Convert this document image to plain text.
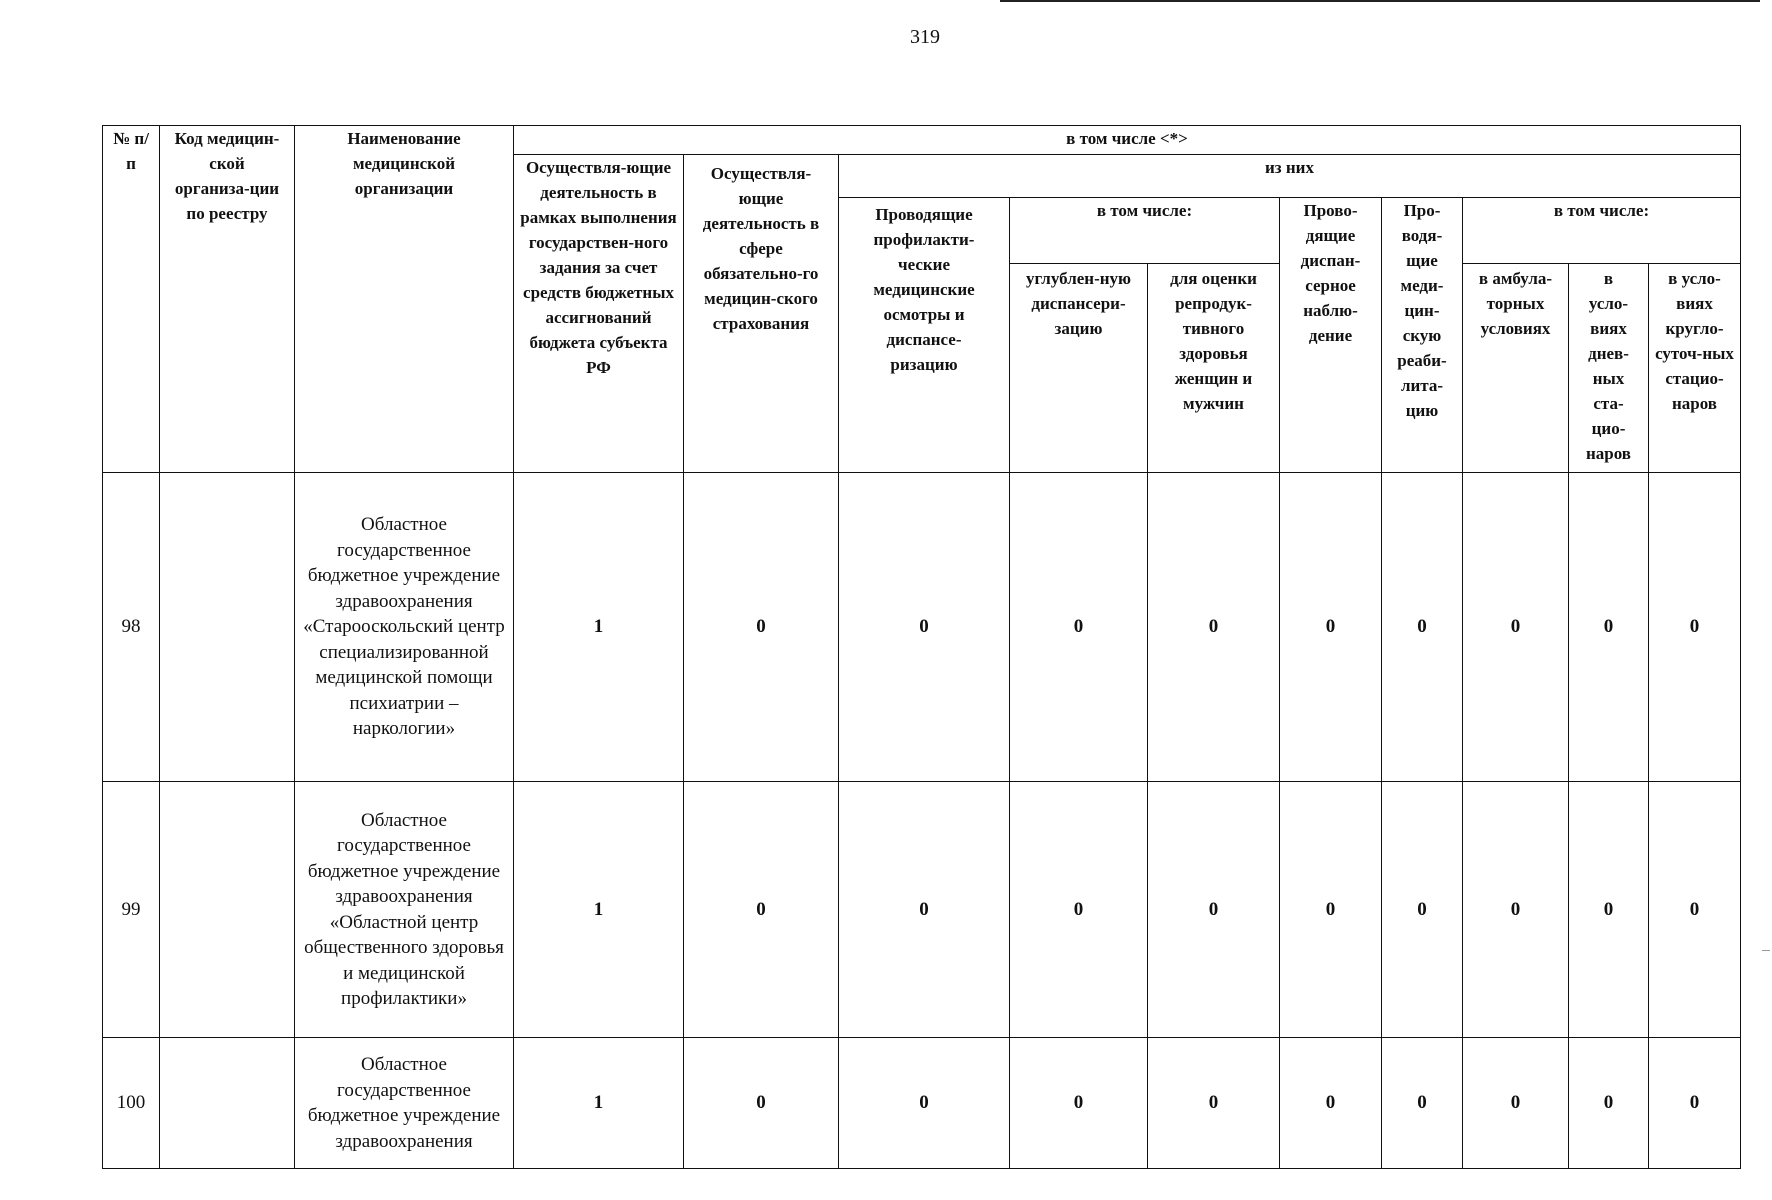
319
№ п/п	Код медицин-ской организа-ции по реестру	Наименование медицинской организации	в том числе <*>									
			Осуществля-ющие деятельность в рамках выполнения государствен-ного задания за счет средств бюджетных ассигнований бюджета субъекта РФ	Осуществля-ющие деятельность в сфере обязательно-го медицин-ского страхования	из них							
					Проводящие профилакти-ческие медицинские осмотры и диспансе-ризацию	в том числе:		Прово-дящие диспан-серное наблю-дение	Про-водя-щие меди-цин-скую реаби-лита-цию	в том числе:		
						углублен-ную диспансери-зацию	для оценки репродук-тивного здоровья женщин и мужчин			в амбула-торных условиях	в усло-виях днев-ных ста-цио-наров	в усло-виях кругло-суточ-ных стацио-наров
98		Областное государственное бюджетное учреждение здравоохранения «Старооскольский центр специализированной медицинской помощи психиатрии – наркологии»	1	0	0	0	0	0	0	0	0	0
99		Областное государственное бюджетное учреждение здравоохранения «Областной центр общественного здоровья и медицинской профилактики»	1	0	0	0	0	0	0	0	0	0
100		Областное государственное бюджетное учреждение здравоохранения	1	0	0	0	0	0	0	0	0	0
